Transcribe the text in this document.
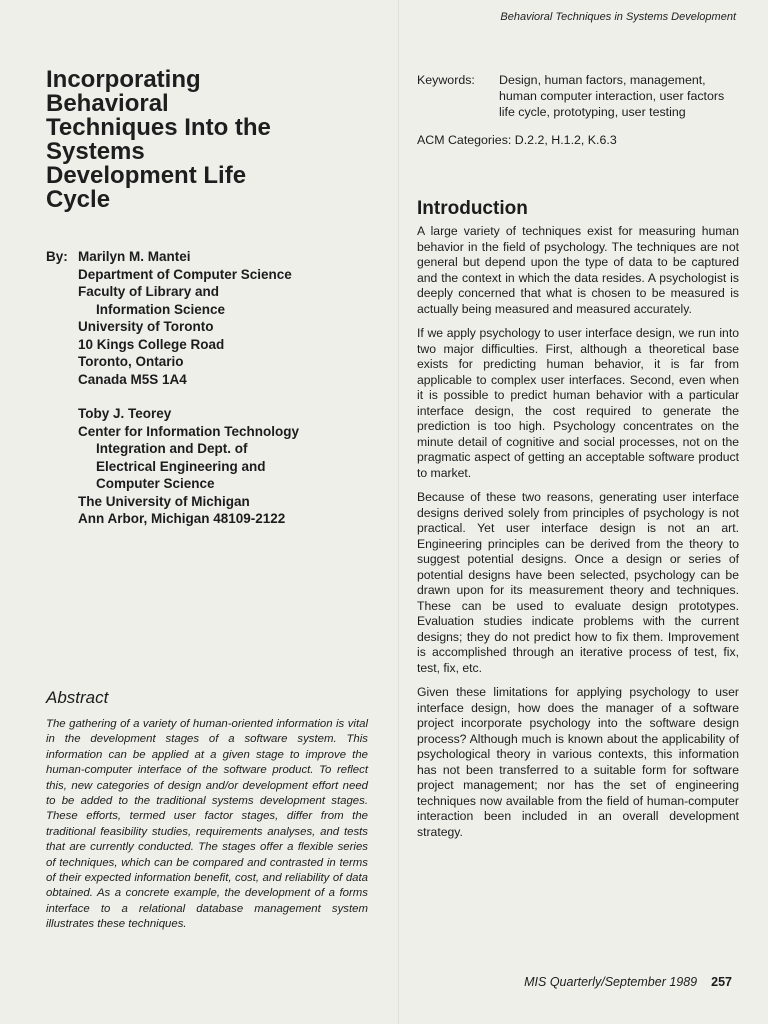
Behavioral Techniques in Systems Development
Incorporating
Behavioral
Techniques Into the
Systems
Development Life
Cycle
By: Marilyn M. Mantei
Department of Computer Science
Faculty of Library and
Information Science
University of Toronto
10 Kings College Road
Toronto, Ontario
Canada M5S 1A4
Toby J. Teorey
Center for Information Technology
Integration and Dept. of
Electrical Engineering and
Computer Science
The University of Michigan
Ann Arbor, Michigan 48109-2122
Abstract

The gathering of a variety of human-oriented information is vital in the development stages of a software system. This information can be applied at a given stage to improve the human-computer interface of the software product. To reflect this, new categories of design and/or development effort need to be added to the traditional systems development stages. These efforts, termed user factor stages, differ from the traditional feasibility studies, requirements analyses, and tests that are currently conducted. The stages offer a flexible series of techniques, which can be compared and contrasted in terms of their expected information benefit, cost, and reliability of data obtained. As a concrete example, the development of a forms interface to a relational database management system illustrates these techniques.

Keywords:	Design, human factors, management, human computer interaction, user factors life cycle, prototyping, user testing
ACM Categories: D.2.2, H.1.2, K.6.3
Introduction

A large variety of techniques exist for measuring human behavior in the field of psychology. The techniques are not general but depend upon the type of data to be captured and the context in which the data resides. A psychologist is deeply concerned that what is chosen to be measured is actually being measured and measured accurately.

If we apply psychology to user interface design, we run into two major difficulties. First, although a theoretical base exists for predicting human behavior, it is far from applicable to complex user interfaces. Second, even when it is possible to predict human behavior with a particular interface design, the cost required to generate the prediction is too high. Psychology concentrates on the minute detail of cognitive and social processes, not on the pragmatic aspect of getting an acceptable software product to market.

Because of these two reasons, generating user interface designs derived solely from principles of psychology is not practical. Yet user interface design is not an art. Engineering principles can be derived from the theory to suggest potential designs. Once a design or series of potential designs have been selected, psychology can be drawn upon for its measurement theory and techniques. These can be used to evaluate design prototypes. Evaluation studies indicate problems with the current designs; they do not predict how to fix them. Improvement is accomplished through an iterative process of test, fix, test, fix, etc.

Given these limitations for applying psychology to user interface design, how does the manager of a software project incorporate psychology into the software design process? Although much is known about the applicability of psychological theory in various contexts, this information has not been transferred to a suitable form for software project management; nor has the set of engineering techniques now available from the field of human-computer interaction been included in an overall development strategy.

MIS Quarterly/September 1989 257
